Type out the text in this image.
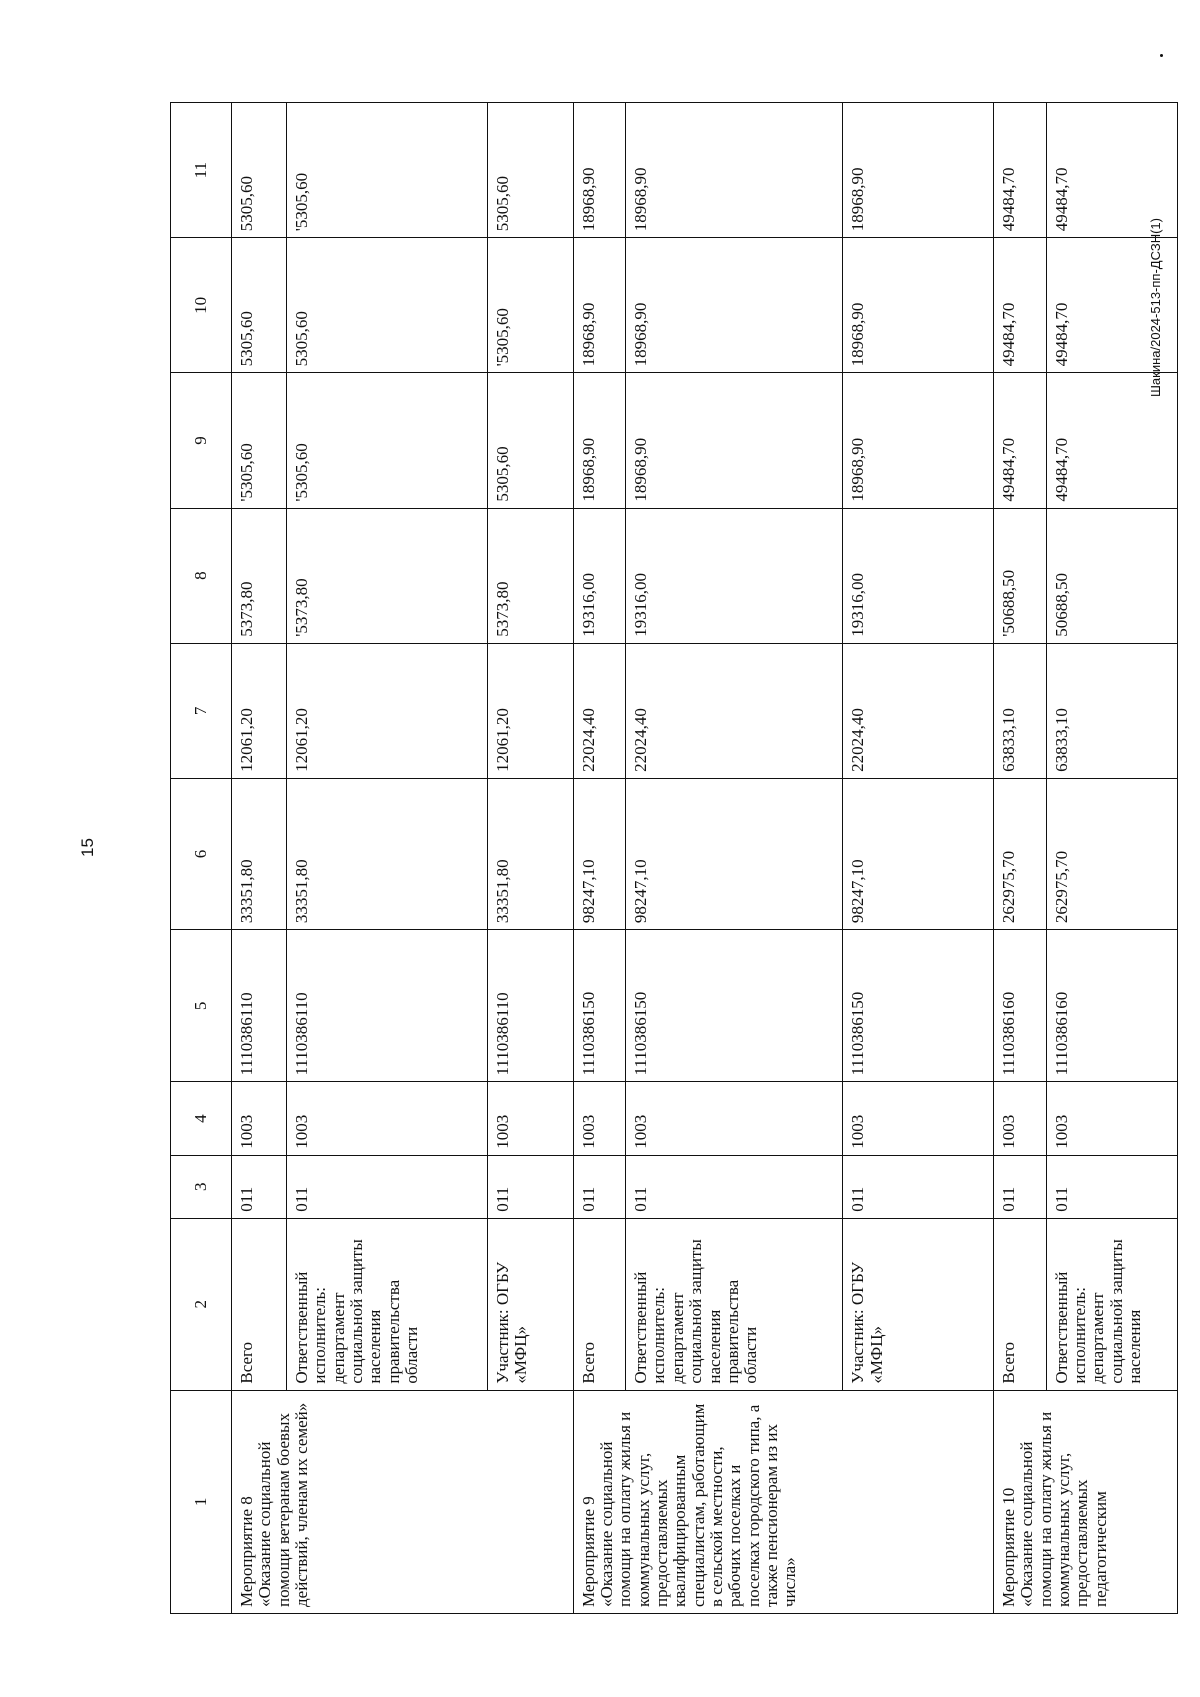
15
1	2	3	4	5	6	7	8	9	10	11
Мероприятие 8
«Оказание социальной помощи ветеранам боевых действий, членам их семей»	Всего	011	1003	1110386110	33351,80	12061,20	5373,80	'5305,60	5305,60	5305,60
	Ответственный исполнитель: департамент социальной защиты населения правительства области	011	1003	1110386110	33351,80	12061,20	'5373,80	'5305,60	5305,60	'5305,60
	Участник: ОГБУ «МФЦ»	011	1003	1110386110	33351,80	12061,20	5373,80	5305,60	'5305,60	5305,60
Мероприятие 9
«Оказание социальной помощи на оплату жилья и коммунальных услуг, предоставляемых квалифицированным специалистам, работающим в сельской местности, рабочих поселках и поселках городского типа, а также пенсионерам из их числа»	Всего	011	1003	1110386150	98247,10	22024,40	19316,00	18968,90	18968,90	18968,90
	Ответственный исполнитель: департамент социальной защиты населения правительства области	011	1003	1110386150	98247,10	22024,40	19316,00	18968,90	18968,90	18968,90
	Участник: ОГБУ «МФЦ»	011	1003	1110386150	98247,10	22024,40	19316,00	18968,90	18968,90	18968,90
Мероприятие 10
«Оказание социальной помощи на оплату жилья и коммунальных услуг, предоставляемых педагогическим	Всего	011	1003	1110386160	262975,70	63833,10	'50688,50	49484,70	49484,70	49484,70
	Ответственный исполнитель: департамент социальной защиты населения	011	1003	1110386160	262975,70	63833,10	50688,50	49484,70	49484,70	49484,70
Шакина/2024-513-пп-ДСЗН(1)
